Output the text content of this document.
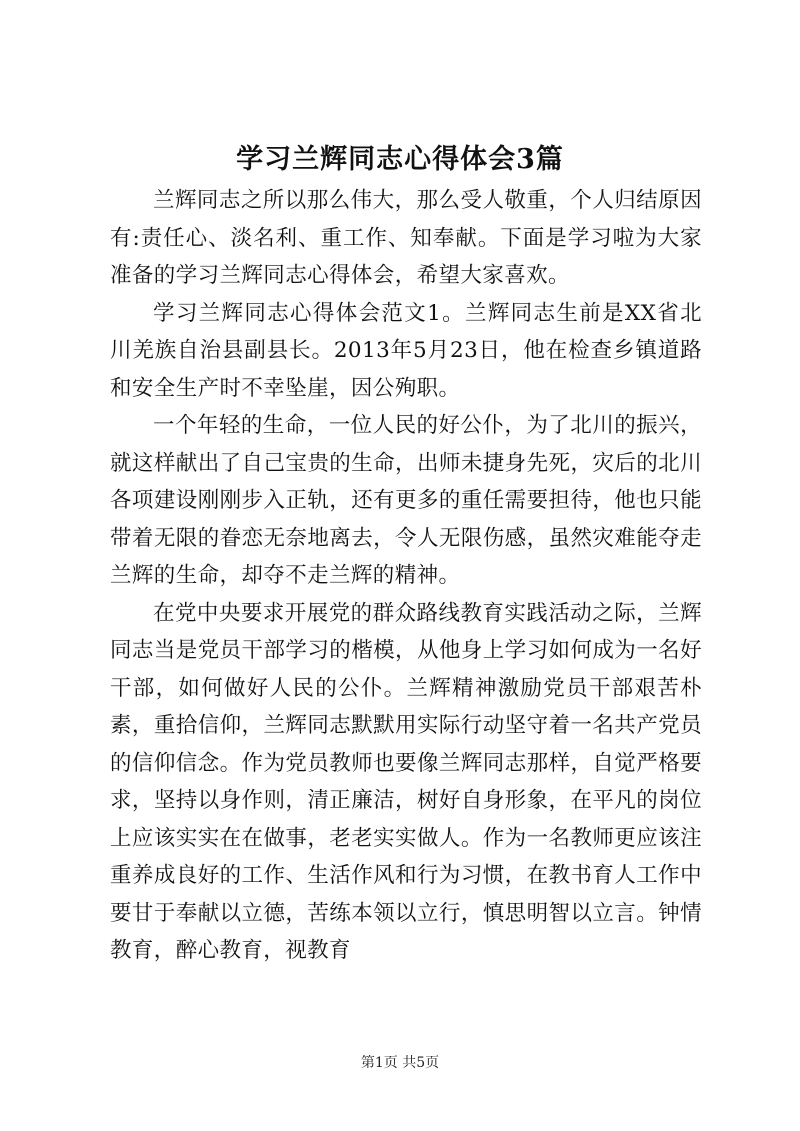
学习兰辉同志心得体会3篇

兰辉同志之所以那么伟大，那么受人敬重，个人归结原因有:责任心、淡名利、重工作、知奉献。下面是学习啦为大家准备的学习兰辉同志心得体会，希望大家喜欢。

学习兰辉同志心得体会范文1。兰辉同志生前是XX省北川羌族自治县副县长。2013年5月23日，他在检查乡镇道路和安全生产时不幸坠崖，因公殉职。

一个年轻的生命，一位人民的好公仆，为了北川的振兴，就这样献出了自己宝贵的生命，出师未捷身先死，灾后的北川各项建设刚刚步入正轨，还有更多的重任需要担待，他也只能带着无限的眷恋无奈地离去，令人无限伤感，虽然灾难能夺走兰辉的生命，却夺不走兰辉的精神。

在党中央要求开展党的群众路线教育实践活动之际，兰辉同志当是党员干部学习的楷模，从他身上学习如何成为一名好干部，如何做好人民的公仆。兰辉精神激励党员干部艰苦朴素，重拾信仰，兰辉同志默默用实际行动坚守着一名共产党员的信仰信念。作为党员教师也要像兰辉同志那样，自觉严格要求，坚持以身作则，清正廉洁，树好自身形象，在平凡的岗位上应该实实在在做事，老老实实做人。作为一名教师更应该注重养成良好的工作、生活作风和行为习惯，在教书育人工作中要甘于奉献以立德，苦练本领以立行，慎思明智以立言。钟情教育，醉心教育，视教育

第1页 共5页
